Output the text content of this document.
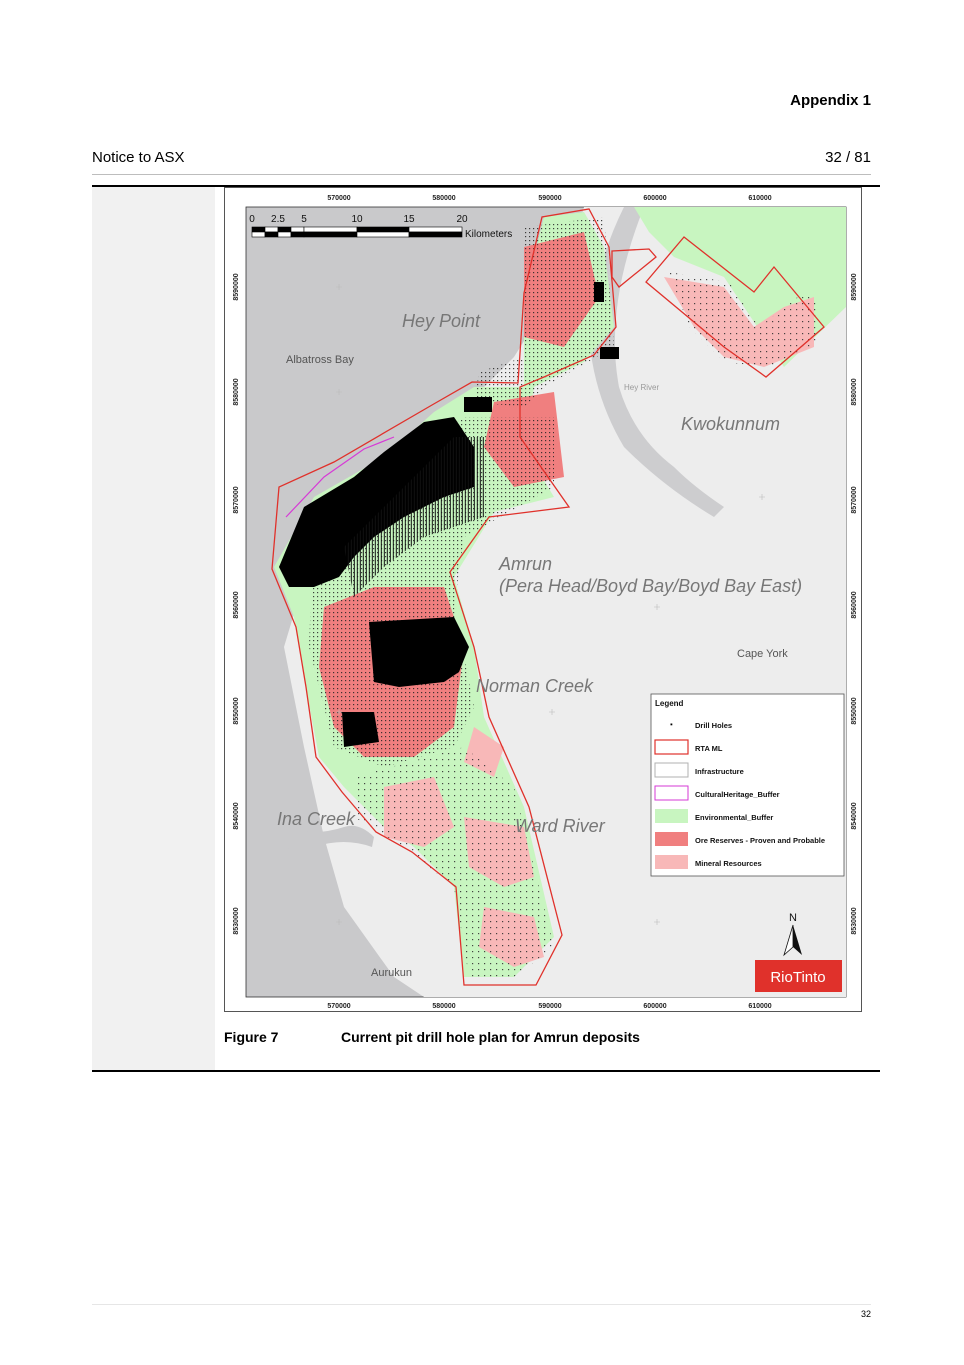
Appendix 1
Notice to ASX	32 / 81
570000	580000	590000	600000	610000
570000	580000	590000	600000	610000
8590000
8580000
8570000
8560000
8550000
8540000
8530000
8590000
8580000
8570000
8560000
8550000
8540000
8530000
0 2.5 5	10	15	20
Kilometers
Hey Point
Albatross Bay
Hey River
Kwokunnum
Amrun
(Pera Head/Boyd Bay/Boyd Bay East)
Cape York
Norman Creek
Ina Creek	Ward River
Aurukun
Legend
Drill Holes
RTA ML
Infrastructure
CulturalHeritage_Buffer
Environmental_Buffer
Ore Reserves - Proven and Probable
Mineral Resources
N
RioTinto
Figure 7	Current pit drill hole plan for Amrun deposits
32
